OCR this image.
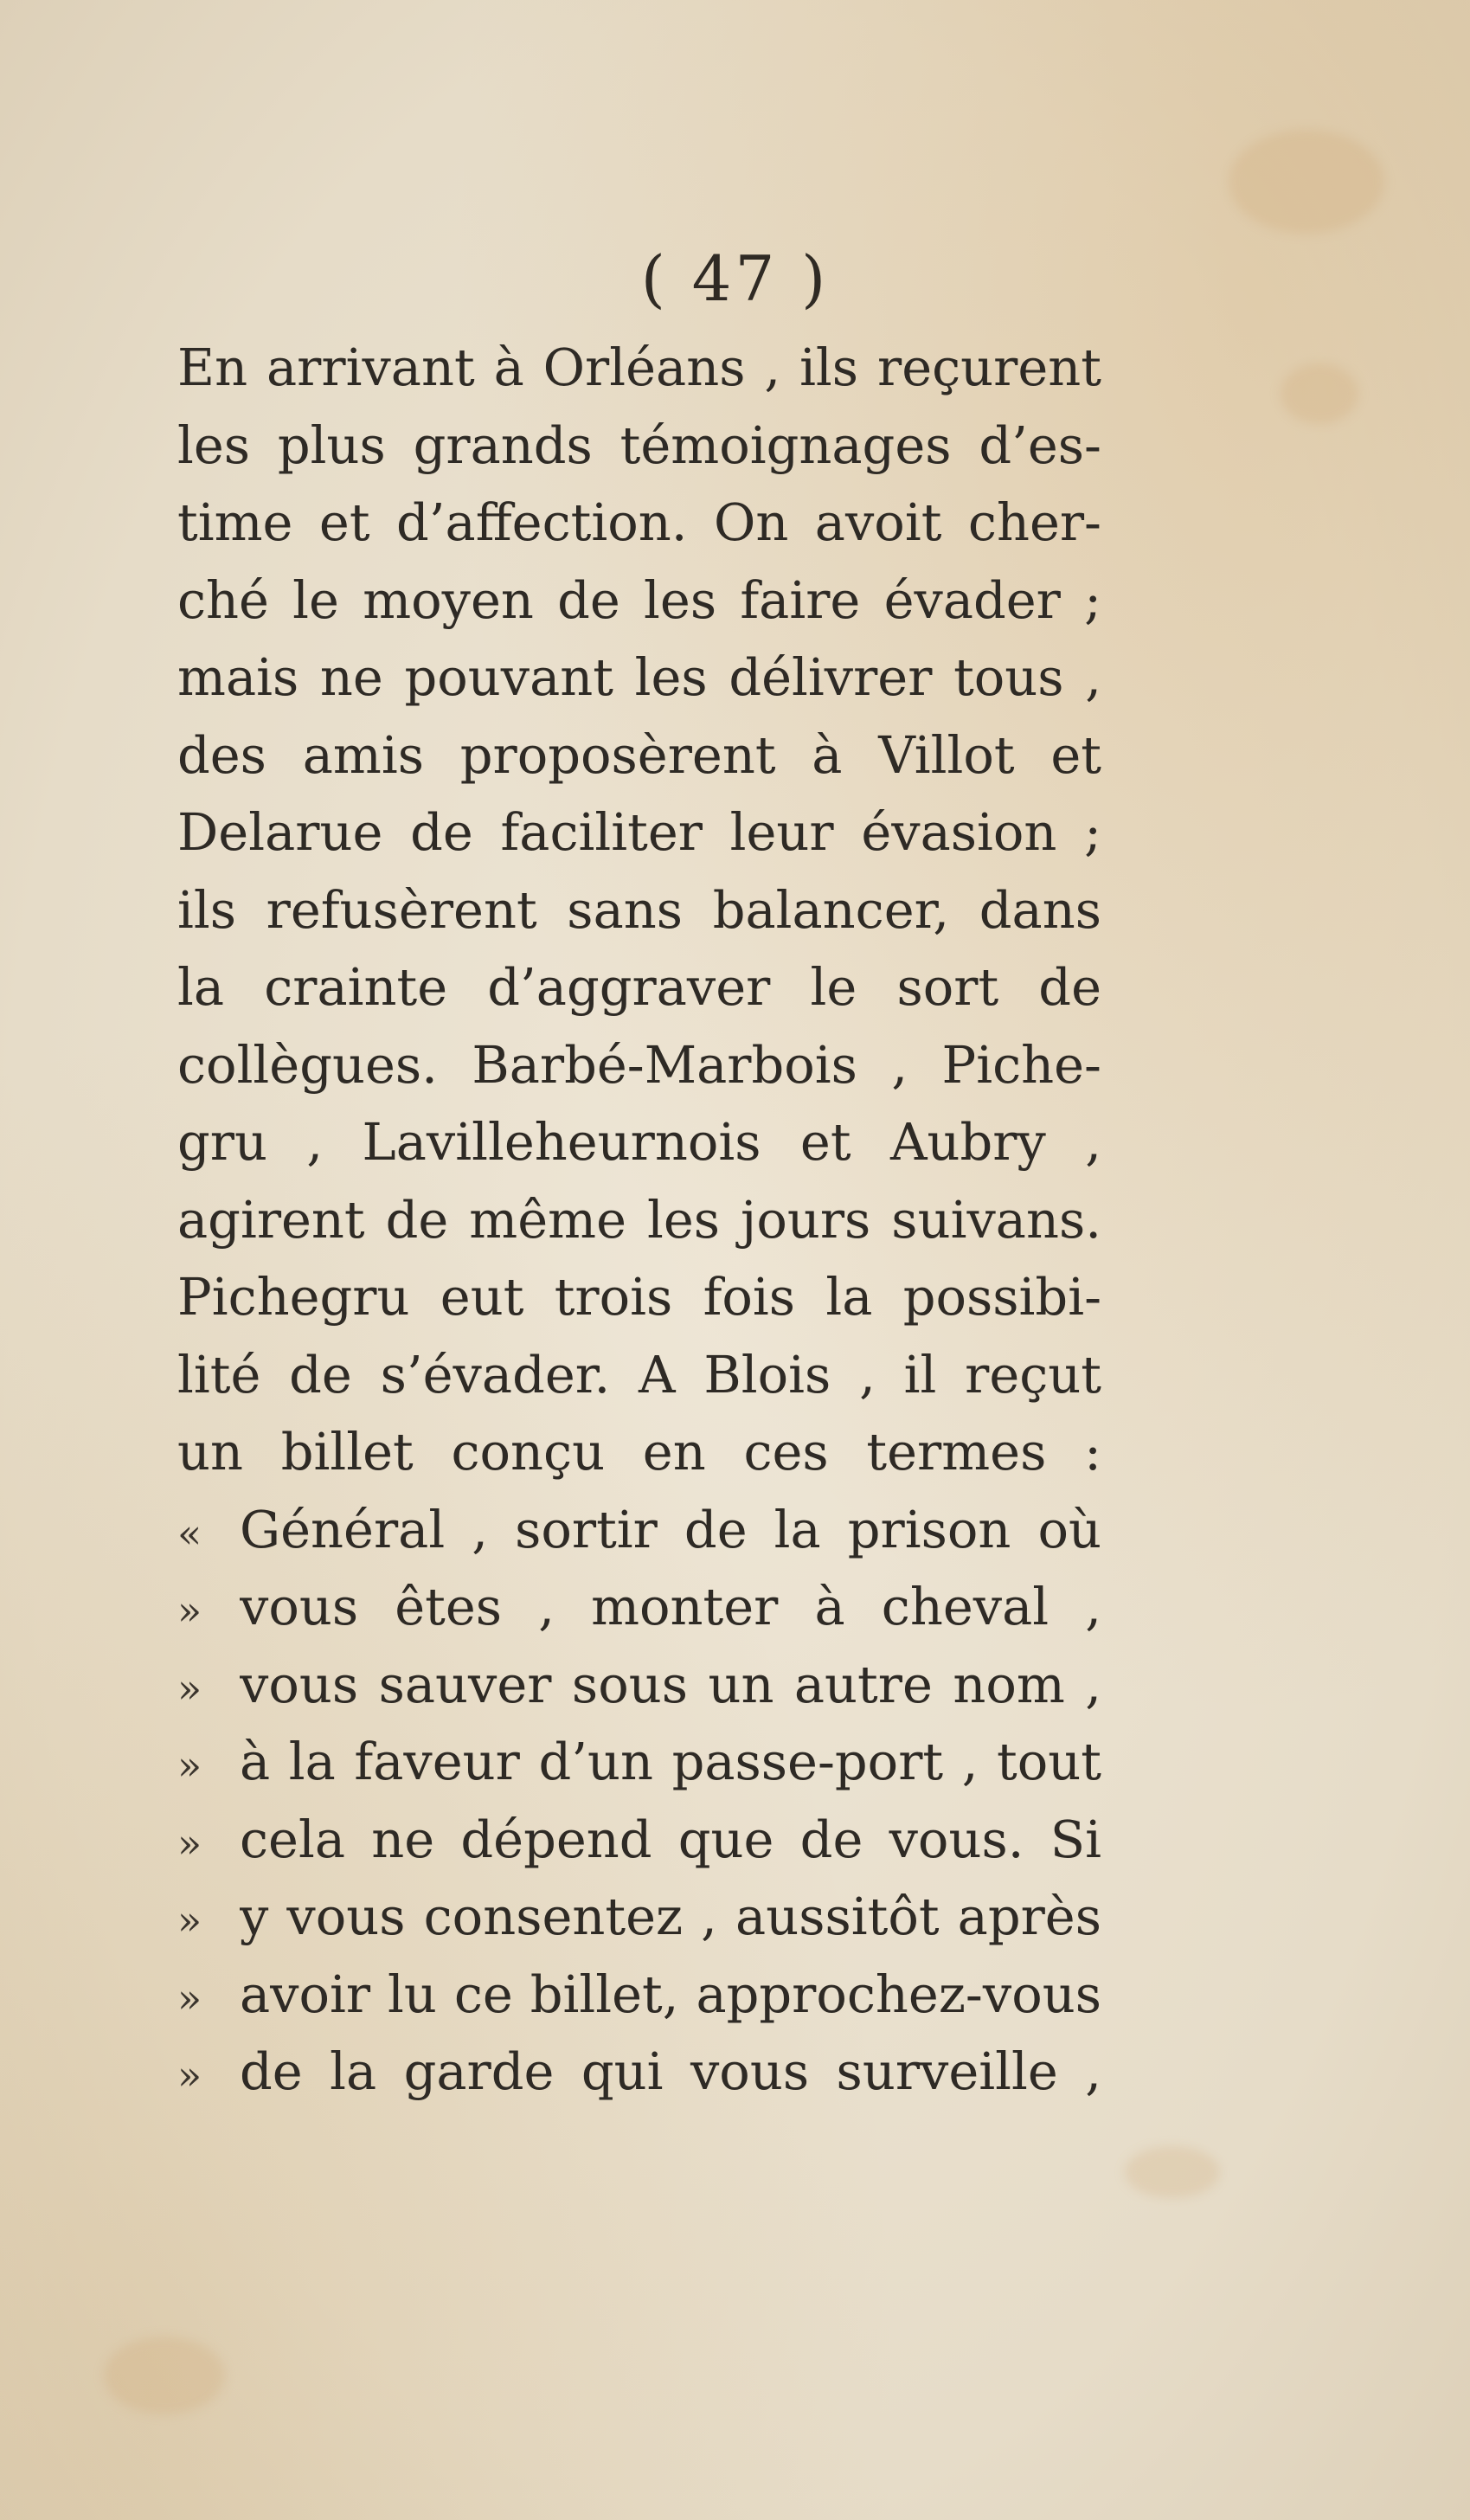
( 47 )
En arrivant à Orléans , ils reçurent
les plus grands témoignages d’es-
time et d’affection. On avoit cher-
ché le moyen de les faire évader ;
mais ne pouvant les délivrer tous ,
des amis proposèrent à Villot et
Delarue de faciliter leur évasion ;
ils refusèrent sans balancer, dans
la crainte d’aggraver le sort de
collègues. Barbé-Marbois , Piche-
gru , Lavilleheurnois et Aubry ,
agirent de même les jours suivans.
Pichegru eut trois fois la possibi-
lité de s’évader. A Blois , il reçut
un billet conçu en ces termes :
« Général , sortir de la prison où
» vous êtes , monter à cheval ,
» vous sauver sous un autre nom ,
» à la faveur d’un passe-port , tout
» cela ne dépend que de vous. Si
» y vous consentez , aussitôt après
» avoir lu ce billet, approchez-vous
» de la garde qui vous surveille ,
